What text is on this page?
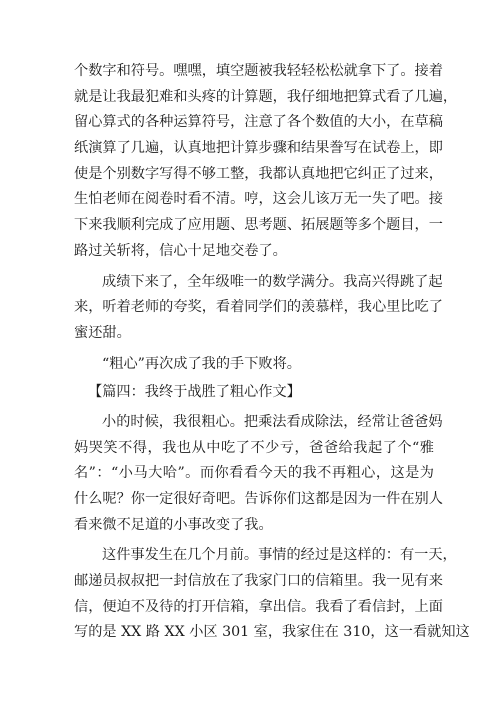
个数字和符号。嘿嘿，填空题被我轻轻松松就拿下了。接着
就是让我最犯难和头疼的计算题，我仔细地把算式看了几遍，
留心算式的各种运算符号，注意了各个数值的大小，在草稿
纸演算了几遍，认真地把计算步骤和结果誊写在试卷上，即
使是个别数字写得不够工整，我都认真地把它纠正了过来，
生怕老师在阅卷时看不清。哼，这会儿该万无一失了吧。接
下来我顺利完成了应用题、思考题、拓展题等多个题目，一
路过关斩将，信心十足地交卷了。
成绩下来了，全年级唯一的数学满分。我高兴得跳了起
来，听着老师的夸奖，看着同学们的羡慕样，我心里比吃了
蜜还甜。
“粗心”再次成了我的手下败将。
【篇四：我终于战胜了粗心作文】
小的时候，我很粗心。把乘法看成除法，经常让爸爸妈
妈哭笑不得，我也从中吃了不少亏，爸爸给我起了个“雅
名”：“小马大哈”。而你看看今天的我不再粗心，这是为
什么呢？你一定很好奇吧。告诉你们这都是因为一件在别人
看来微不足道的小事改变了我。
这件事发生在几个月前。事情的经过是这样的：有一天，
邮递员叔叔把一封信放在了我家门口的信箱里。我一见有来
信，便迫不及待的打开信箱，拿出信。我看了看信封，上面
写的是 XX 路 XX 小区 301 室，我家住在 310，这一看就知这
